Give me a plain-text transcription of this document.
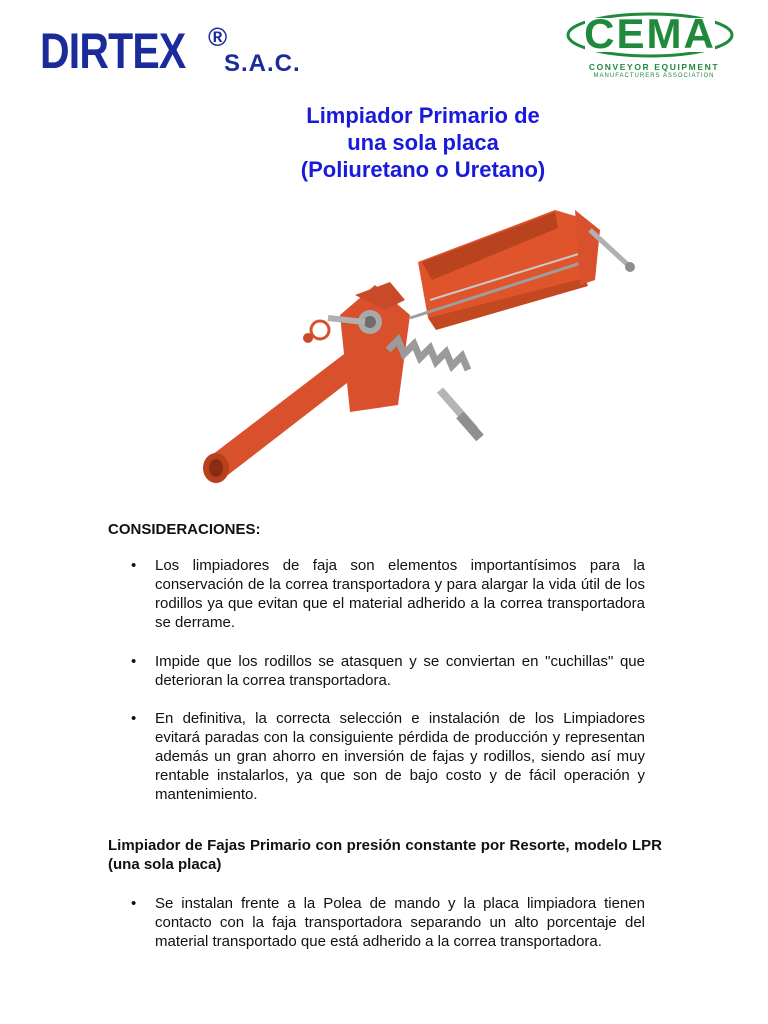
DIRTEX ®
S.A.C.
CEMA
CONVEYOR EQUIPMENT
MANUFACTURERS ASSOCIATION
Limpiador Primario de
una sola placa
(Poliuretano o Uretano)
CONSIDERACIONES:
• Los limpiadores de faja son elementos importantísimos para la conservación de la correa transportadora y para alargar la vida útil de los rodillos ya que evitan que el material adherido a la correa transportadora se derrame.
• Impide que los rodillos se atasquen y se conviertan en "cuchillas" que deterioran la correa transportadora.
• En definitiva, la correcta selección e instalación de los Limpiadores evitará paradas con la consiguiente pérdida de producción y representan además un gran ahorro en inversión de fajas y rodillos, siendo así muy rentable instalarlos, ya que son de bajo costo y de fácil operación y mantenimiento.
Limpiador de Fajas Primario con presión constante por Resorte, modelo LPR (una sola placa)
• Se instalan frente a la Polea de mando y la placa limpiadora tienen contacto con la faja transportadora separando un alto porcentaje del material transportado que está adherido a la correa transportadora.
